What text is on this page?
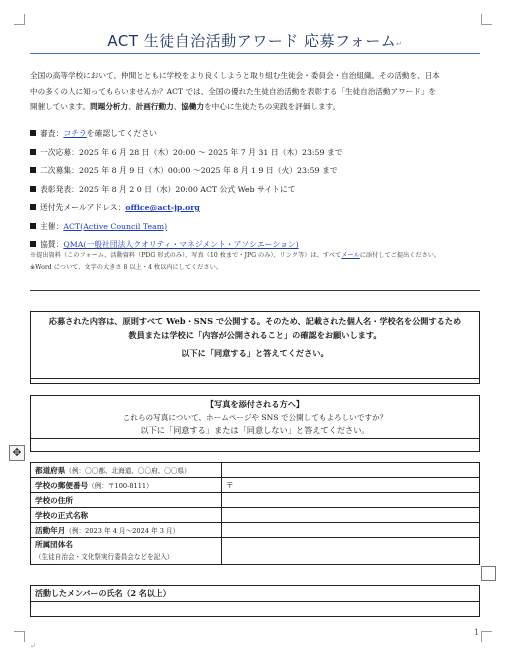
ACT 生徒自治活動アワード 応募フォーム↵
全国の高等学校において、仲間とともに学校をより良くしようと取り組む生徒会・委員会・自治組織。その活動を、日本
中の多くの人に知ってもらいませんか？ACT では、全国の優れた生徒自治活動を表彰する「生徒自治活動アワード」を
開催しています。問題分析力、計画行動力、協働力を中心に生徒たちの実践を評価します。
審査：コチラを確認してください
一次応募：2025 年 6 月 28 日（木）20:00 ～ 2025 年 7 月 31 日（木）23:59 まで
二次募集：2025 年 8 月 9 日（木）00:00 ～2025 年 8 月 1 9 日（火）23:59 まで
表彰発表：2025 年 8 月 2 0 日（水）20:00 ACT 公式 Web サイトにて
送付先メールアドレス：office@act-jp.org
主催：ACT(Active Council Team)
協賛：QMA(一般社団法人クオリティ・マネジメント・アソシエーション)
※提出資料（このフォーム、活動資料（PDG 形式のみ）、写真（10 枚まで・JPG のみ）、リンク等）は、すべてメールに添付してご提出ください。
※Word について、文字の大きさ 8 以上・4 枚以内にしてください。
応募された内容は、原則すべて Web・SNS で公開する。そのため、記載された個人名・学校名を公開するため
教員または学校に「内容が公開されること」の確認をお願いします。
以下に「同意する」と答えてください。
【写真を添付される方へ】
これらの写真について、ホームページや SNS で公開してもよろしいですか？
以下に「同意する」または「同意しない」と答えてください。
✥
都道府県（例：〇〇都、北海道、〇〇府、〇〇県）	
学校の郵便番号（例：〒100-8111）	〒
学校の住所	
学校の正式名称	
活動年月（例：2023 年 4 月～2024 年 3 月）	
所属団体名
（生徒自治会・文化祭実行委員会などを記入）	
活動したメンバーの氏名（2 名以上）
1
↵
